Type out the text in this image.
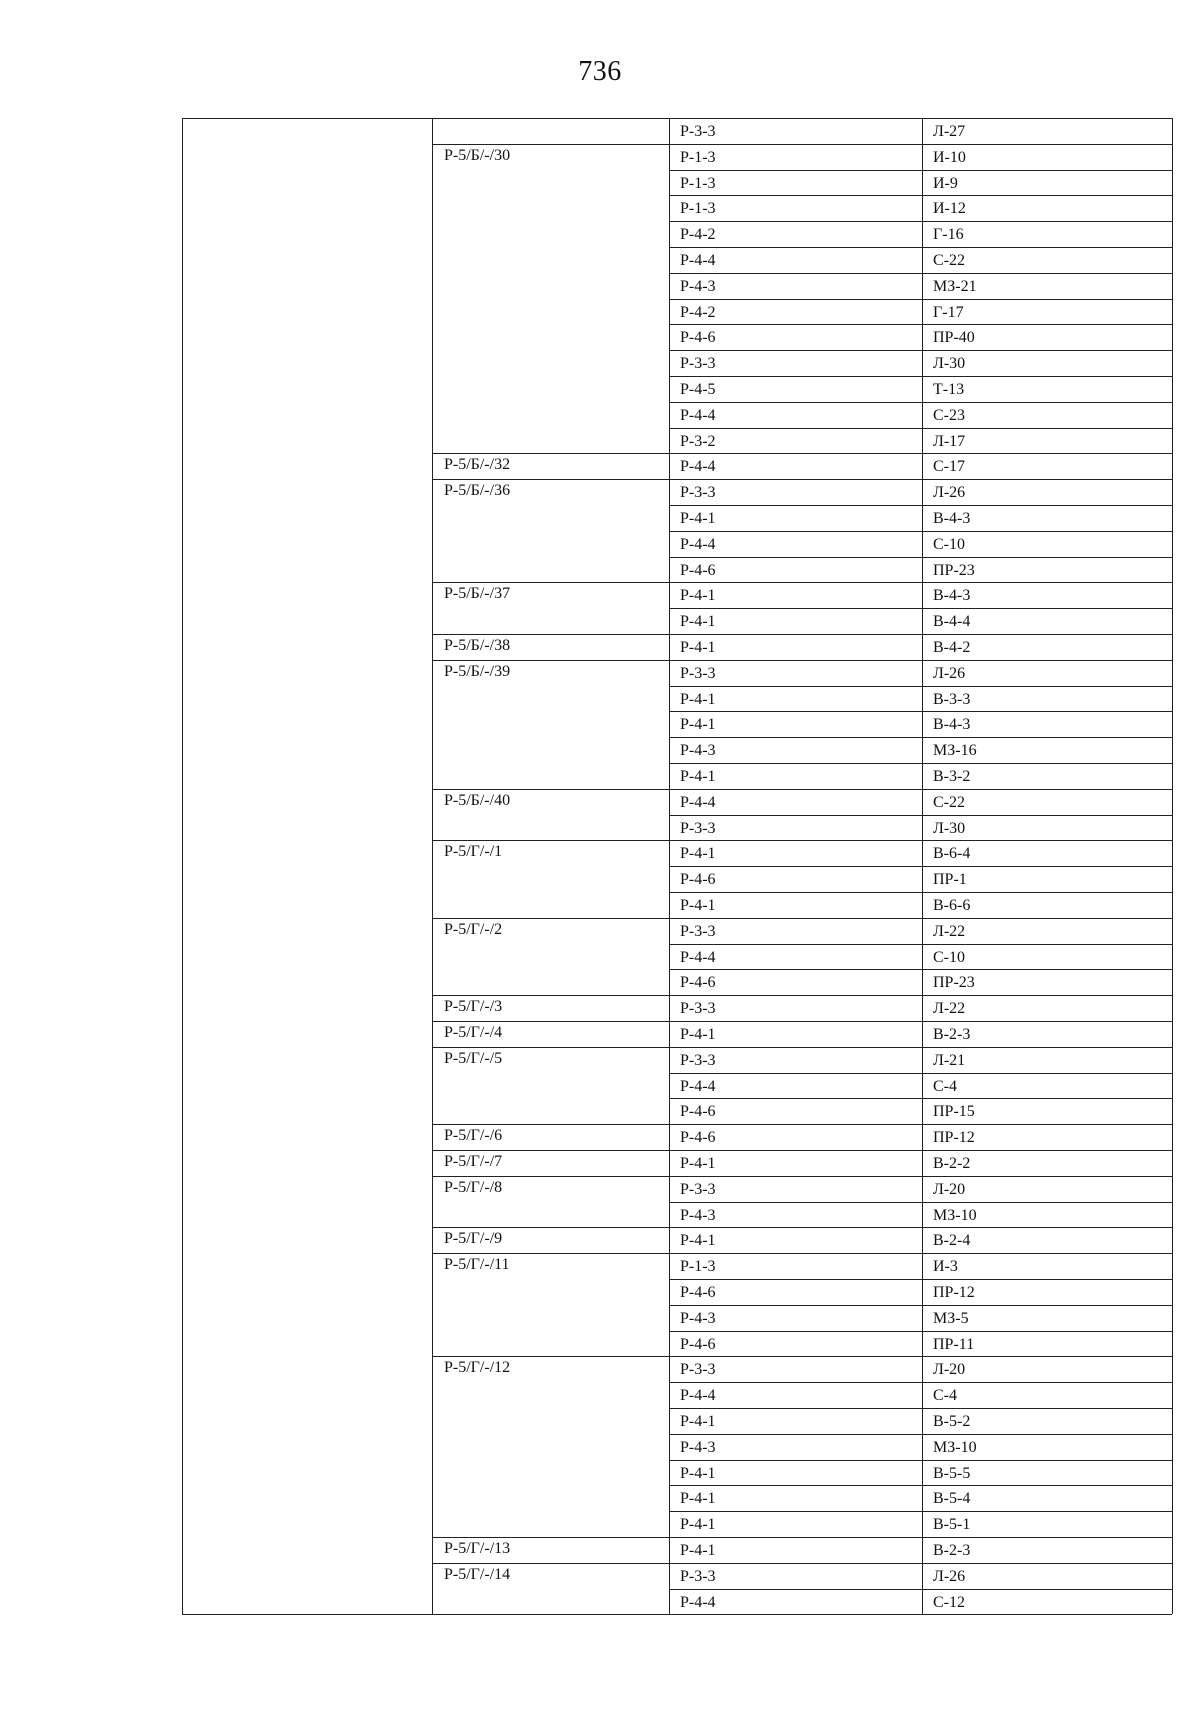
736
P-3-3	Л-27
P-5/Б/-/30	P-1-3	И-10
P-1-3	И-9
P-1-3	И-12
P-4-2	Г-16
P-4-4	С-22
P-4-3	МЗ-21
P-4-2	Г-17
P-4-6	ПР-40
P-3-3	Л-30
P-4-5	Т-13
P-4-4	С-23
P-3-2	Л-17
P-5/Б/-/32	P-4-4	С-17
P-5/Б/-/36	P-3-3	Л-26
P-4-1	В-4-3
P-4-4	С-10
P-4-6	ПР-23
P-5/Б/-/37	P-4-1	В-4-3
P-4-1	В-4-4
P-5/Б/-/38	P-4-1	В-4-2
P-5/Б/-/39	P-3-3	Л-26
P-4-1	В-3-3
P-4-1	В-4-3
P-4-3	МЗ-16
P-4-1	В-3-2
P-5/Б/-/40	P-4-4	С-22
P-3-3	Л-30
P-5/Г/-/1	P-4-1	В-6-4
P-4-6	ПР-1
P-4-1	В-6-6
P-5/Г/-/2	P-3-3	Л-22
P-4-4	С-10
P-4-6	ПР-23
P-5/Г/-/3	P-3-3	Л-22
P-5/Г/-/4	P-4-1	В-2-3
P-5/Г/-/5	P-3-3	Л-21
P-4-4	С-4
P-4-6	ПР-15
P-5/Г/-/6	P-4-6	ПР-12
P-5/Г/-/7	P-4-1	В-2-2
P-5/Г/-/8	P-3-3	Л-20
P-4-3	МЗ-10
P-5/Г/-/9	P-4-1	В-2-4
P-5/Г/-/11	P-1-3	И-3
P-4-6	ПР-12
P-4-3	МЗ-5
P-4-6	ПР-11
P-5/Г/-/12	P-3-3	Л-20
P-4-4	С-4
P-4-1	В-5-2
P-4-3	МЗ-10
P-4-1	В-5-5
P-4-1	В-5-4
P-4-1	В-5-1
P-5/Г/-/13	P-4-1	В-2-3
P-5/Г/-/14	P-3-3	Л-26
P-4-4	С-12
